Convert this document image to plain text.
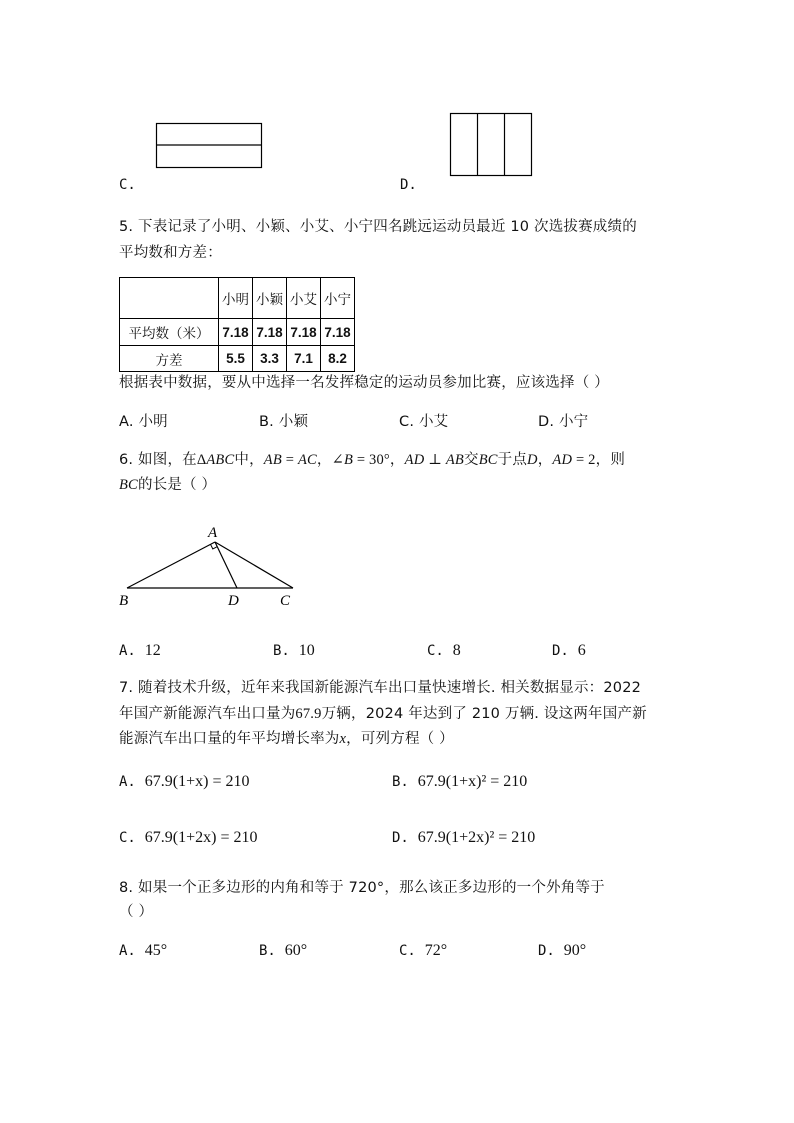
C.	D.
5. 下表记录了小明、小颖、小艾、小宁四名跳远运动员最近 10 次选拔赛成绩的
平均数和方差：
	小明	小颖	小艾	小宁
平均数（米）	7.18	7.18	7.18	7.18
方差	5.5	3.3	7.1	8.2
根据表中数据，要从中选择一名发挥稳定的运动员参加比赛，应该选择（ ）
A. 小明	B. 小颖	C. 小艾	D. 小宁
6. 如图，在ΔABC中，AB = AC，∠B = 30°，AD ⊥ AB交BC于点D，AD = 2，则
BC的长是（ ）
A
B	D	C
A. 12	B. 10	C. 8	D. 6
7. 随着技术升级，近年来我国新能源汽车出口量快速增长. 相关数据显示：2022
年国产新能源汽车出口量为67.9万辆，2024 年达到了 210 万辆. 设这两年国产新
能源汽车出口量的年平均增长率为x，可列方程（ ）
A. 67.9(1+x) = 210	B. 67.9(1+x)² = 210
C. 67.9(1+2x) = 210	D. 67.9(1+2x)² = 210
8. 如果一个正多边形的内角和等于 720°，那么该正多边形的一个外角等于
（ ）
A. 45°	B. 60°	C. 72°	D. 90°
